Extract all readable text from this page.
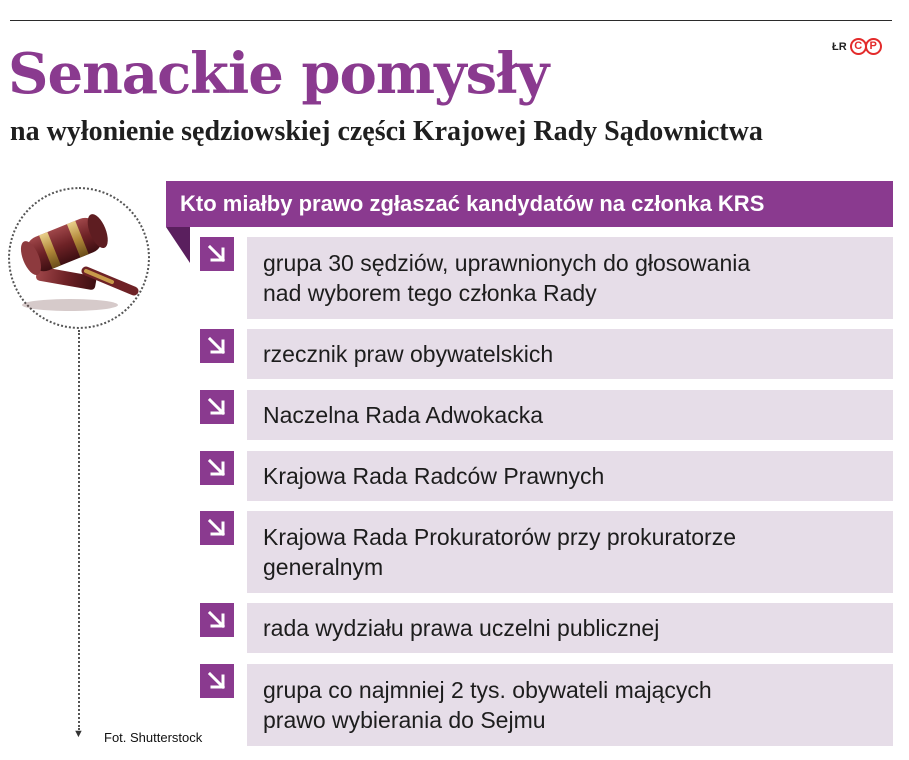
Senackie pomysły
na wyłonienie sędziowskiej części Krajowej Rady Sądownictwa
ŁR C P
▼ Fot. Shutterstock
Kto miałby prawo zgłaszać kandydatów na członka KRS
grupa 30 sędziów, uprawnionych do głosowania
nad wyborem tego członka Rady
rzecznik praw obywatelskich
Naczelna Rada Adwokacka
Krajowa Rada Radców Prawnych
Krajowa Rada Prokuratorów przy prokuratorze
generalnym
rada wydziału prawa uczelni publicznej
grupa co najmniej 2 tys. obywateli mających
prawo wybierania do Sejmu
